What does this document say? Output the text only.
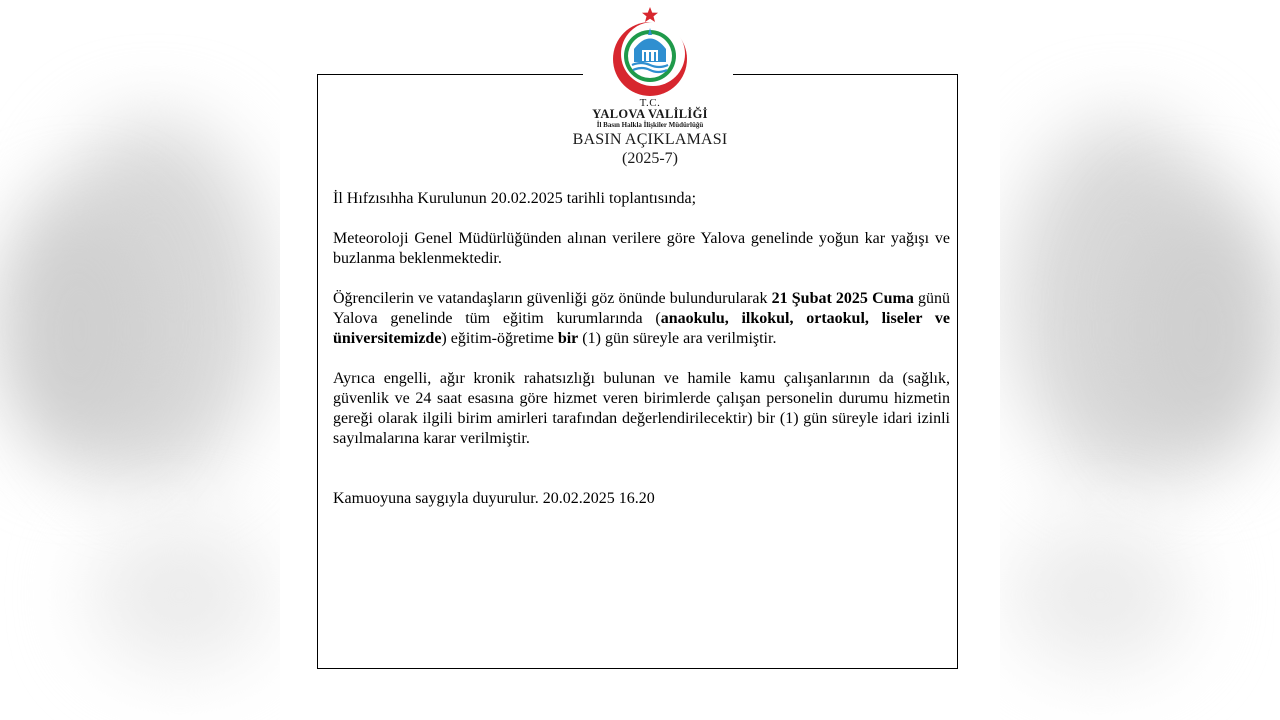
T.C.
YALOVA VALİLİĞİ
İl Basın Halkla İlişkiler Müdürlüğü
BASIN AÇIKLAMASI
(2025-7)

İl Hıfzısıhha Kurulunun 20.02.2025 tarihli toplantısında;

Meteoroloji Genel Müdürlüğünden alınan verilere göre Yalova genelinde yoğun kar yağışı ve buzlanma beklenmektedir.

Öğrencilerin ve vatandaşların güvenliği göz önünde bulundurularak 21 Şubat 2025 Cuma günü Yalova genelinde tüm eğitim kurumlarında (anaokulu, ilkokul, ortaokul, liseler ve üniversitemizde) eğitim-öğretime bir (1) gün süreyle ara verilmiştir.

Ayrıca engelli, ağır kronik rahatsızlığı bulunan ve hamile kamu çalışanlarının da (sağlık, güvenlik ve 24 saat esasına göre hizmet veren birimlerde çalışan personelin durumu hizmetin gereği olarak ilgili birim amirleri tarafından değerlendirilecektir) bir (1) gün süreyle idari izinli sayılmalarına karar verilmiştir.

Kamuoyuna saygıyla duyurulur. 20.02.2025 16.20
